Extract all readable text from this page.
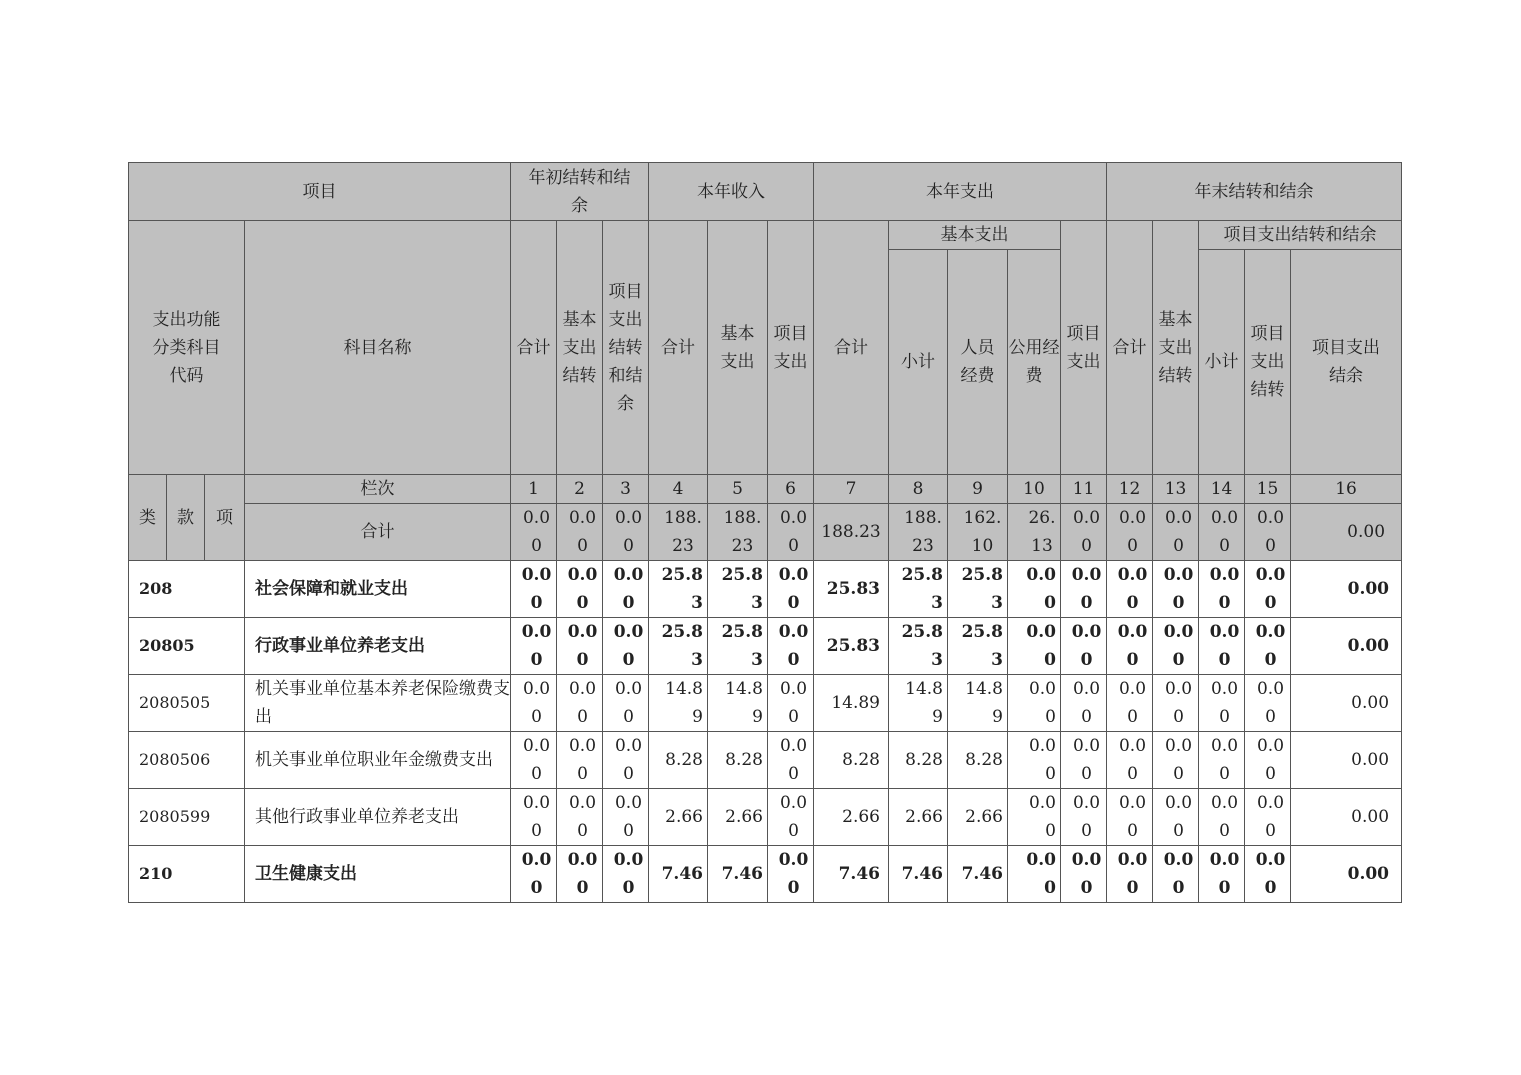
项目				年初结转和结余			本年收入			本年支出					年末结转和结余				
支出功能分类科目代码			科目名称	合计	基本支出结转	项目支出结转和结余	合计	基本支出	项目支出	合计	基本支出			项目支出	合计	基本支出结转	项目支出结转和结余		
											小计	人员经费	公用经费				小计	项目支出结转	项目支出结余
类	款	项	栏次	1	2	3	4	5	6	7	8	9	10	11	12	13	14	15	16
			合计	0.00	0.00	0.00	188.23	188.23	0.00	188.23	188.23	162.10	26.13	0.00	0.00	0.00	0.00	0.00	0.00
208			社会保障和就业支出	0.00	0.00	0.00	25.83	25.83	0.00	25.83	25.83	25.83	0.00	0.00	0.00	0.00	0.00	0.00	0.00
20805			行政事业单位养老支出	0.00	0.00	0.00	25.83	25.83	0.00	25.83	25.83	25.83	0.00	0.00	0.00	0.00	0.00	0.00	0.00
2080505			机关事业单位基本养老保险缴费支出	0.00	0.00	0.00	14.89	14.89	0.00	14.89	14.89	14.89	0.00	0.00	0.00	0.00	0.00	0.00	0.00
2080506			机关事业单位职业年金缴费支出	0.00	0.00	0.00	8.28	8.28	0.00	8.28	8.28	8.28	0.00	0.00	0.00	0.00	0.00	0.00	0.00
2080599			其他行政事业单位养老支出	0.00	0.00	0.00	2.66	2.66	0.00	2.66	2.66	2.66	0.00	0.00	0.00	0.00	0.00	0.00	0.00
210			卫生健康支出	0.00	0.00	0.00	7.46	7.46	0.00	7.46	7.46	7.46	0.00	0.00	0.00	0.00	0.00	0.00	0.00
